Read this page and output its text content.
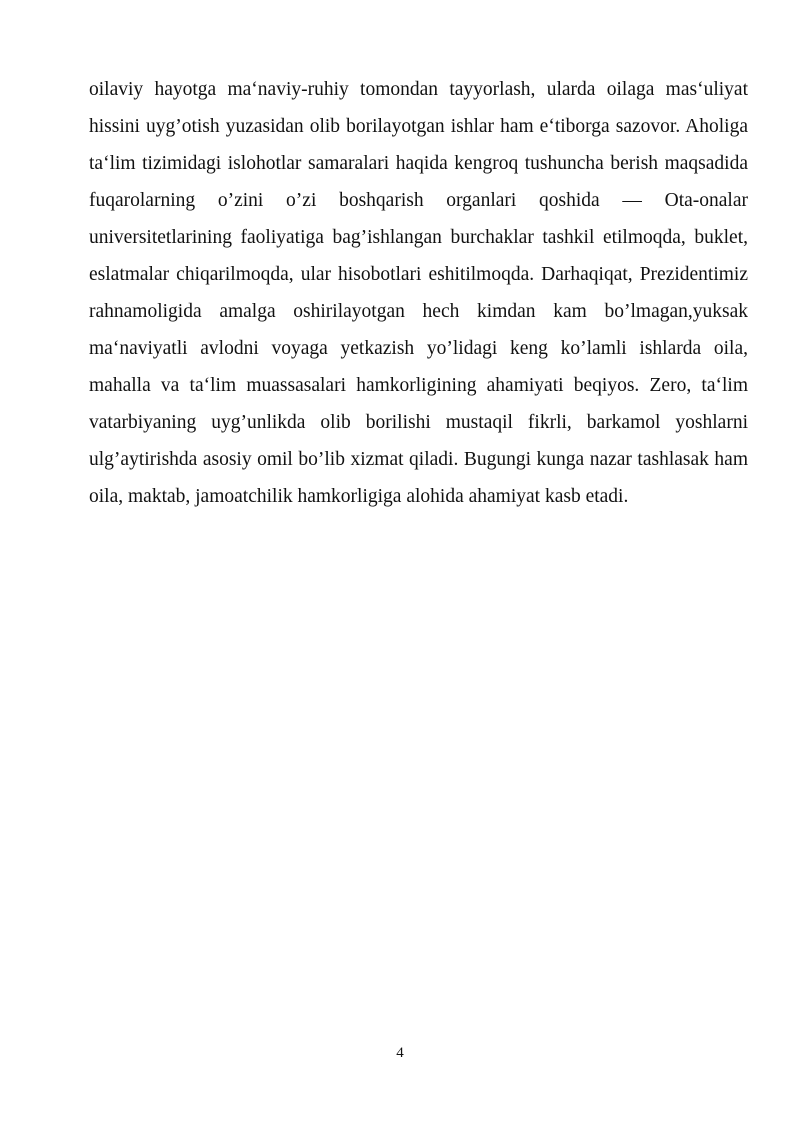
oilaviy hayotga ma‘naviy-ruhiy tomondan tayyorlash, ularda oilaga mas‘uliyat hissini uyg’otish yuzasidan olib borilayotgan ishlar ham e‘tiborga sazovor. Aholiga ta‘lim tizimidagi islohotlar samaralari haqida kengroq tushuncha berish maqsadida fuqarolarning o’zini o’zi boshqarish organlari qoshida — Ota-onalar universitetlarining faoliyatiga bag’ishlangan burchaklar tashkil etilmoqda, buklet, eslatmalar chiqarilmoqda, ular hisobotlari eshitilmoqda. Darhaqiqat, Prezidentimiz rahnamoligida amalga oshirilayotgan hech kimdan kam bo’lmagan,yuksak ma‘naviyatli avlodni voyaga yetkazish yo’lidagi keng ko’lamli ishlarda oila, mahalla va ta‘lim muassasalari hamkorligining ahamiyati beqiyos. Zero, ta‘lim vatarbiyaning uyg’unlikda olib borilishi mustaqil fikrli, barkamol yoshlarni ulg’aytirishda asosiy omil bo’lib xizmat qiladi. Bugungi kunga nazar tashlasak ham oila, maktab, jamoatchilik hamkorligiga alohida ahamiyat kasb etadi.

4
